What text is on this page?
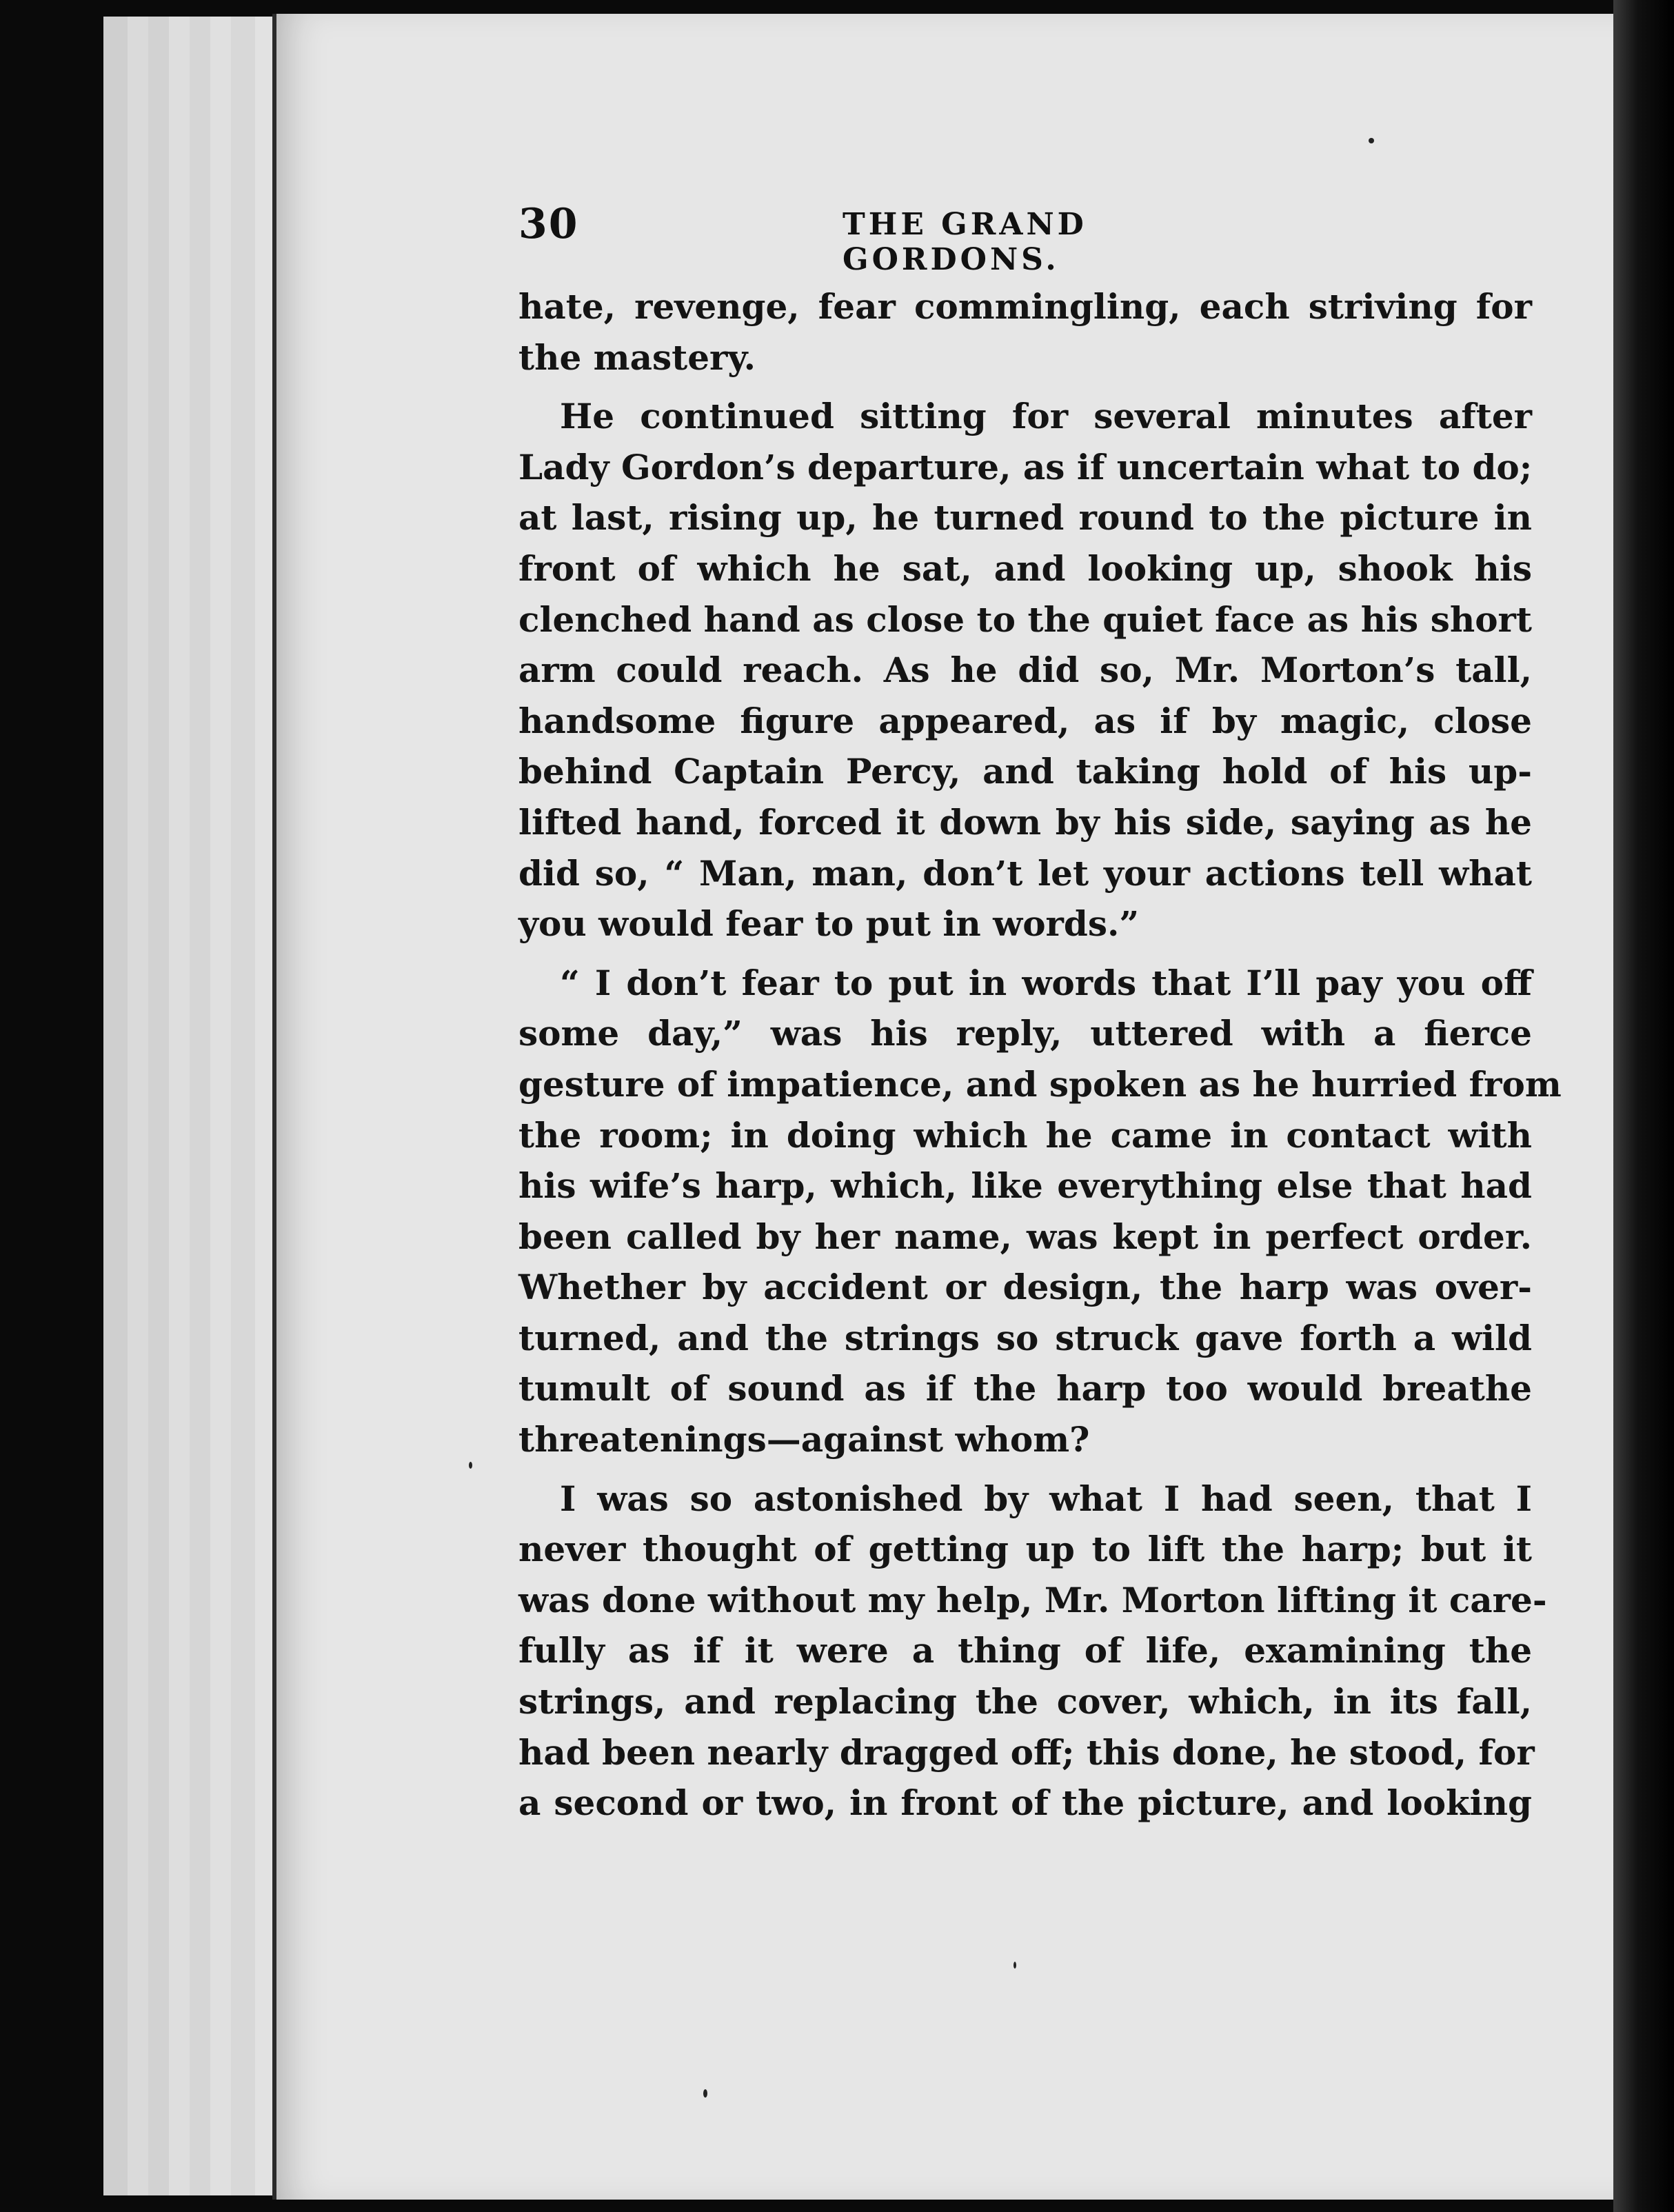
30	THE GRAND GORDONS.
hate, revenge, fear commingling, each striving for
the mastery.
He continued sitting for several minutes after
Lady Gordon’s departure, as if uncertain what to do;
at last, rising up, he turned round to the picture in
front of which he sat, and looking up, shook his
clenched hand as close to the quiet face as his short
arm could reach. As he did so, Mr. Morton’s tall,
handsome figure appeared, as if by magic, close
behind Captain Percy, and taking hold of his up-
lifted hand, forced it down by his side, saying as he
did so, “ Man, man, don’t let your actions tell what
you would fear to put in words.”
“ I don’t fear to put in words that I’ll pay you off
some day,” was his reply, uttered with a fierce
gesture of impatience, and spoken as he hurried from
the room; in doing which he came in contact with
his wife’s harp, which, like everything else that had
been called by her name, was kept in perfect order.
Whether by accident or design, the harp was over-
turned, and the strings so struck gave forth a wild
tumult of sound as if the harp too would breathe
threatenings—against whom?
I was so astonished by what I had seen, that I
never thought of getting up to lift the harp; but it
was done without my help, Mr. Morton lifting it care-
fully as if it were a thing of life, examining the
strings, and replacing the cover, which, in its fall,
had been nearly dragged off; this done, he stood, for
a second or two, in front of the picture, and looking
